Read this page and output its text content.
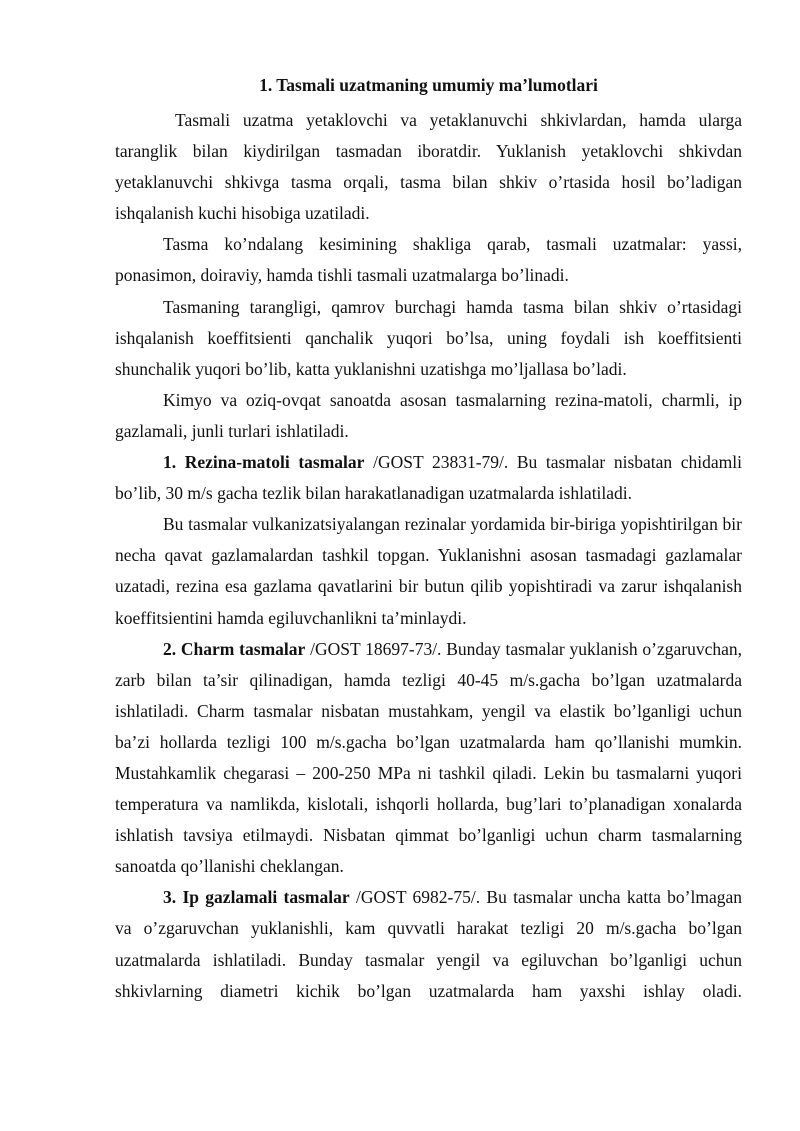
1. Tasmali uzatmaning umumiy ma’lumotlari

Tasmali uzatma yetaklovchi va yetaklanuvchi shkivlardan, hamda ularga taranglik bilan kiydirilgan tasmadan iboratdir. Yuklanish yetaklovchi shkivdan yetaklanuvchi shkivga tasma orqali, tasma bilan shkiv o’rtasida hosil bo’ladigan ishqalanish kuchi hisobiga uzatiladi.

Tasma ko’ndalang kesimining shakliga qarab, tasmali uzatmalar: yassi, ponasimon, doiraviy, hamda tishli tasmali uzatmalarga bo’linadi.

Tasmaning tarangligi, qamrov burchagi hamda tasma bilan shkiv o’rtasidagi ishqalanish koeffitsienti qanchalik yuqori bo’lsa, uning foydali ish koeffitsienti shunchalik yuqori bo’lib, katta yuklanishni uzatishga mo’ljallasa bo’ladi.

Kimyo va oziq-ovqat sanoatda asosan tasmalarning rezina-matoli, charmli, ip gazlamali, junli turlari ishlatiladi.

1. Rezina-matoli tasmalar /GOST 23831-79/. Bu tasmalar nisbatan chidamli bo’lib, 30 m/s gacha tezlik bilan harakatlanadigan uzatmalarda ishlatiladi.

Bu tasmalar vulkanizatsiyalangan rezinalar yordamida bir-biriga yopishtirilgan bir necha qavat gazlamalardan tashkil topgan. Yuklanishni asosan tasmadagi gazlamalar uzatadi, rezina esa gazlama qavatlarini bir butun qilib yopishtiradi va zarur ishqalanish koeffitsientini hamda egiluvchanlikni ta’minlaydi.

2. Charm tasmalar /GOST 18697-73/. Bunday tasmalar yuklanish o’zgaruvchan, zarb bilan ta’sir qilinadigan, hamda tezligi 40-45 m/s.gacha bo’lgan uzatmalarda ishlatiladi. Charm tasmalar nisbatan mustahkam, yengil va elastik bo’lganligi uchun ba’zi hollarda tezligi 100 m/s.gacha bo’lgan uzatmalarda ham qo’llanishi mumkin. Mustahkamlik chegarasi – 200-250 MPa ni tashkil qiladi. Lekin bu tasmalarni yuqori temperatura va namlikda, kislotali, ishqorli hollarda, bug’lari to’planadigan xonalarda ishlatish tavsiya etilmaydi. Nisbatan qimmat bo’lganligi uchun charm tasmalarning sanoatda qo’llanishi cheklangan.

3. Ip gazlamali tasmalar /GOST 6982-75/. Bu tasmalar uncha katta bo’lmagan va o’zgaruvchan yuklanishli, kam quvvatli harakat tezligi 20 m/s.gacha bo’lgan uzatmalarda ishlatiladi. Bunday tasmalar yengil va egiluvchan bo’lganligi uchun shkivlarning diametri kichik bo’lgan uzatmalarda ham yaxshi ishlay oladi.
